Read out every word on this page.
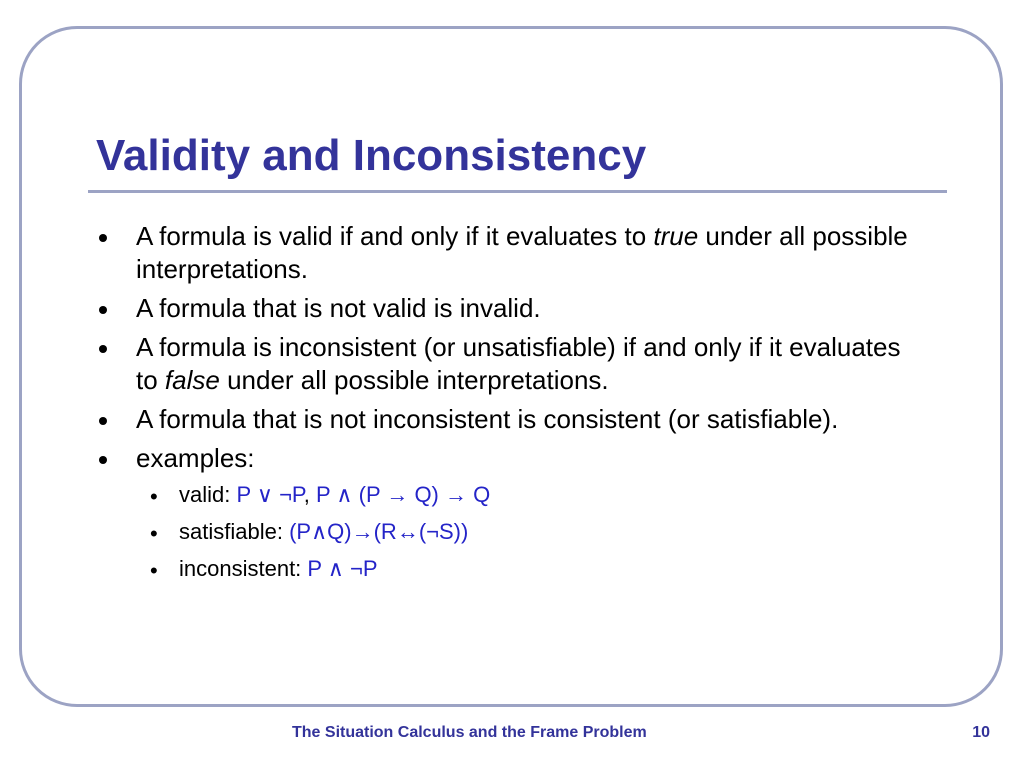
Validity and Inconsistency
A formula is valid if and only if it evaluates to true under all possible interpretations.
A formula that is not valid is invalid.
A formula is inconsistent (or unsatisfiable) if and only if it evaluates to false under all possible interpretations.
A formula that is not inconsistent is consistent (or satisfiable).
examples:
• valid: P ∨ ¬P, P ∧ (P → Q) → Q
• satisfiable: (P∧Q)→(R↔(¬S))
• inconsistent: P ∧ ¬P
The Situation Calculus and the Frame Problem	10
